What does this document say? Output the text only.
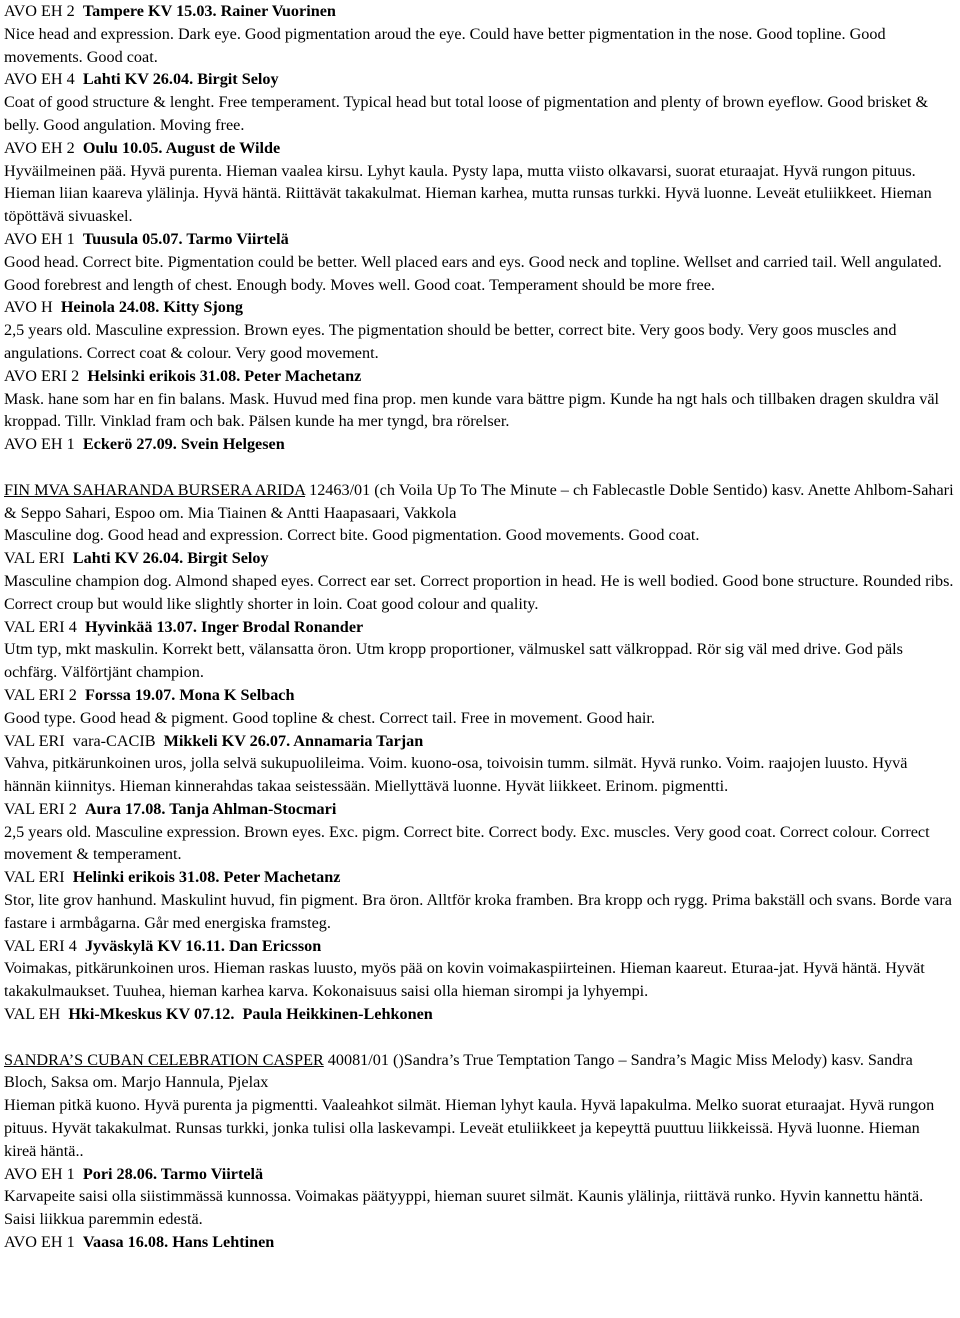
AVO EH 2  Tampere KV 15.03. Rainer Vuorinen
Nice head and expression. Dark eye. Good pigmentation aroud the eye. Could have better pigmentation in the nose. Good topline. Good movements. Good coat.
AVO EH 4  Lahti KV 26.04. Birgit Seloy
Coat of good structure & lenght. Free temperament. Typical head but total loose of pigmentation and plenty of brown eyeflow. Good brisket & belly. Good angulation. Moving free.
AVO EH 2  Oulu 10.05. August de Wilde
Hyväilmeinen pää. Hyvä purenta. Hieman vaalea kirsu. Lyhyt kaula. Pysty lapa, mutta viisto olkavarsi, suorat eturaajat. Hyvä rungon pituus. Hieman liian kaareva ylälinja. Hyvä häntä. Riittävät takakulmat. Hieman karhea, mutta runsas turkki. Hyvä luonne. Leveät etuliikkeet. Hieman töpöttävä sivuaskel.
AVO EH 1  Tuusula 05.07. Tarmo Viirtelä
Good head. Correct bite. Pigmentation could be better. Well placed ears and eys. Good neck and topline. Wellset and carried tail. Well angulated. Good forebrest and length of chest. Enough body. Moves well. Good coat. Temperament should be more free.
AVO H  Heinola 24.08. Kitty Sjong
2,5 years old. Masculine expression. Brown eyes. The pigmentation should be better, correct bite. Very goos body. Very goos muscles and angulations. Correct coat & colour. Very good movement.
AVO ERI 2  Helsinki erikois 31.08. Peter Machetanz
Mask. hane som har en fin balans. Mask. Huvud med fina prop. men kunde vara bättre pigm. Kunde ha ngt hals och tillbaken dragen skuldra väl kroppad. Tillr. Vinklad fram och bak. Pälsen kunde ha mer tyngd, bra rörelser.
AVO EH 1  Eckerö 27.09. Svein Helgesen
FIN MVA SAHARANDA BURSERA ARIDA 12463/01 (ch Voila Up To The Minute – ch Fablecastle Doble Sentido) kasv. Anette Ahlbom-Sahari & Seppo Sahari, Espoo om. Mia Tiainen & Antti Haapasaari, Vakkola
Masculine dog. Good head and expression. Correct bite. Good pigmentation. Good movements. Good coat.
VAL ERI  Lahti KV 26.04. Birgit Seloy
Masculine champion dog. Almond shaped eyes. Correct ear set. Correct proportion in head. He is well bodied. Good bone structure. Rounded ribs. Correct croup but would like slightly shorter in loin. Coat good colour and quality.
VAL ERI 4  Hyvinkää 13.07. Inger Brodal Ronander
Utm typ, mkt maskulin. Korrekt bett, välansatta öron. Utm kropp proportioner, välmuskel satt välkroppad. Rör sig väl med drive. God päls ochfärg. Välförtjänt champion.
VAL ERI 2  Forssa 19.07. Mona K Selbach
Good type. Good head & pigment. Good topline & chest. Correct tail. Free in movement. Good hair.
VAL ERI  vara-CACIB  Mikkeli KV 26.07. Annamaria Tarjan
Vahva, pitkärunkoinen uros, jolla selvä sukupuolileima. Voim. kuono-osa, toivoisin tumm. silmät. Hyvä runko. Voim. raajojen luusto. Hyvä hännän kiinnitys. Hieman kinnerahdas takaa seistessään. Miellyttävä luonne. Hyvät liikkeet. Erinom. pigmentti.
VAL ERI 2  Aura 17.08. Tanja Ahlman-Stocmari
2,5 years old. Masculine expression. Brown eyes. Exc. pigm. Correct bite. Correct body. Exc. muscles. Very good coat. Correct colour. Correct movement & temperament.
VAL ERI  Helinki erikois 31.08. Peter Machetanz
Stor, lite grov hanhund. Maskulint huvud, fin pigment. Bra öron. Alltför kroka framben. Bra kropp och rygg. Prima bakställ och svans. Borde vara fastare i armbågarna. Går med energiska framsteg.
VAL ERI 4  Jyväskylä KV 16.11. Dan Ericsson
Voimakas, pitkärunkoinen uros. Hieman raskas luusto, myös pää on kovin voimakaspiirteinen. Hieman kaareut. Eturaa-jat. Hyvä häntä. Hyvät takakulmaukset. Tuuhea, hieman karhea karva. Kokonaisuus saisi olla hieman sirompi ja lyhyempi.
VAL EH  Hki-Mkeskus KV 07.12.  Paula Heikkinen-Lehkonen
SANDRA’S CUBAN CELEBRATION CASPER 40081/01 ()Sandra’s True Temptation Tango – Sandra’s Magic Miss Melody) kasv. Sandra Bloch, Saksa om. Marjo Hannula, Pjelax
Hieman pitkä kuono. Hyvä purenta ja pigmentti. Vaaleahkot silmät. Hieman lyhyt kaula. Hyvä lapakulma. Melko suorat eturaajat. Hyvä rungon pituus. Hyvät takakulmat. Runsas turkki, jonka tulisi olla laskevampi. Leveät etuliikkeet ja kepeyttä puuttuu liikkeissä. Hyvä luonne. Hieman kireä häntä..
AVO EH 1  Pori 28.06. Tarmo Viirtelä
Karvapeite saisi olla siistimmässä kunnossa. Voimakas päätyyppi, hieman suuret silmät. Kaunis ylälinja, riittävä runko. Hyvin kannettu häntä. Saisi liikkua paremmin edestä.
AVO EH 1  Vaasa 16.08. Hans Lehtinen
